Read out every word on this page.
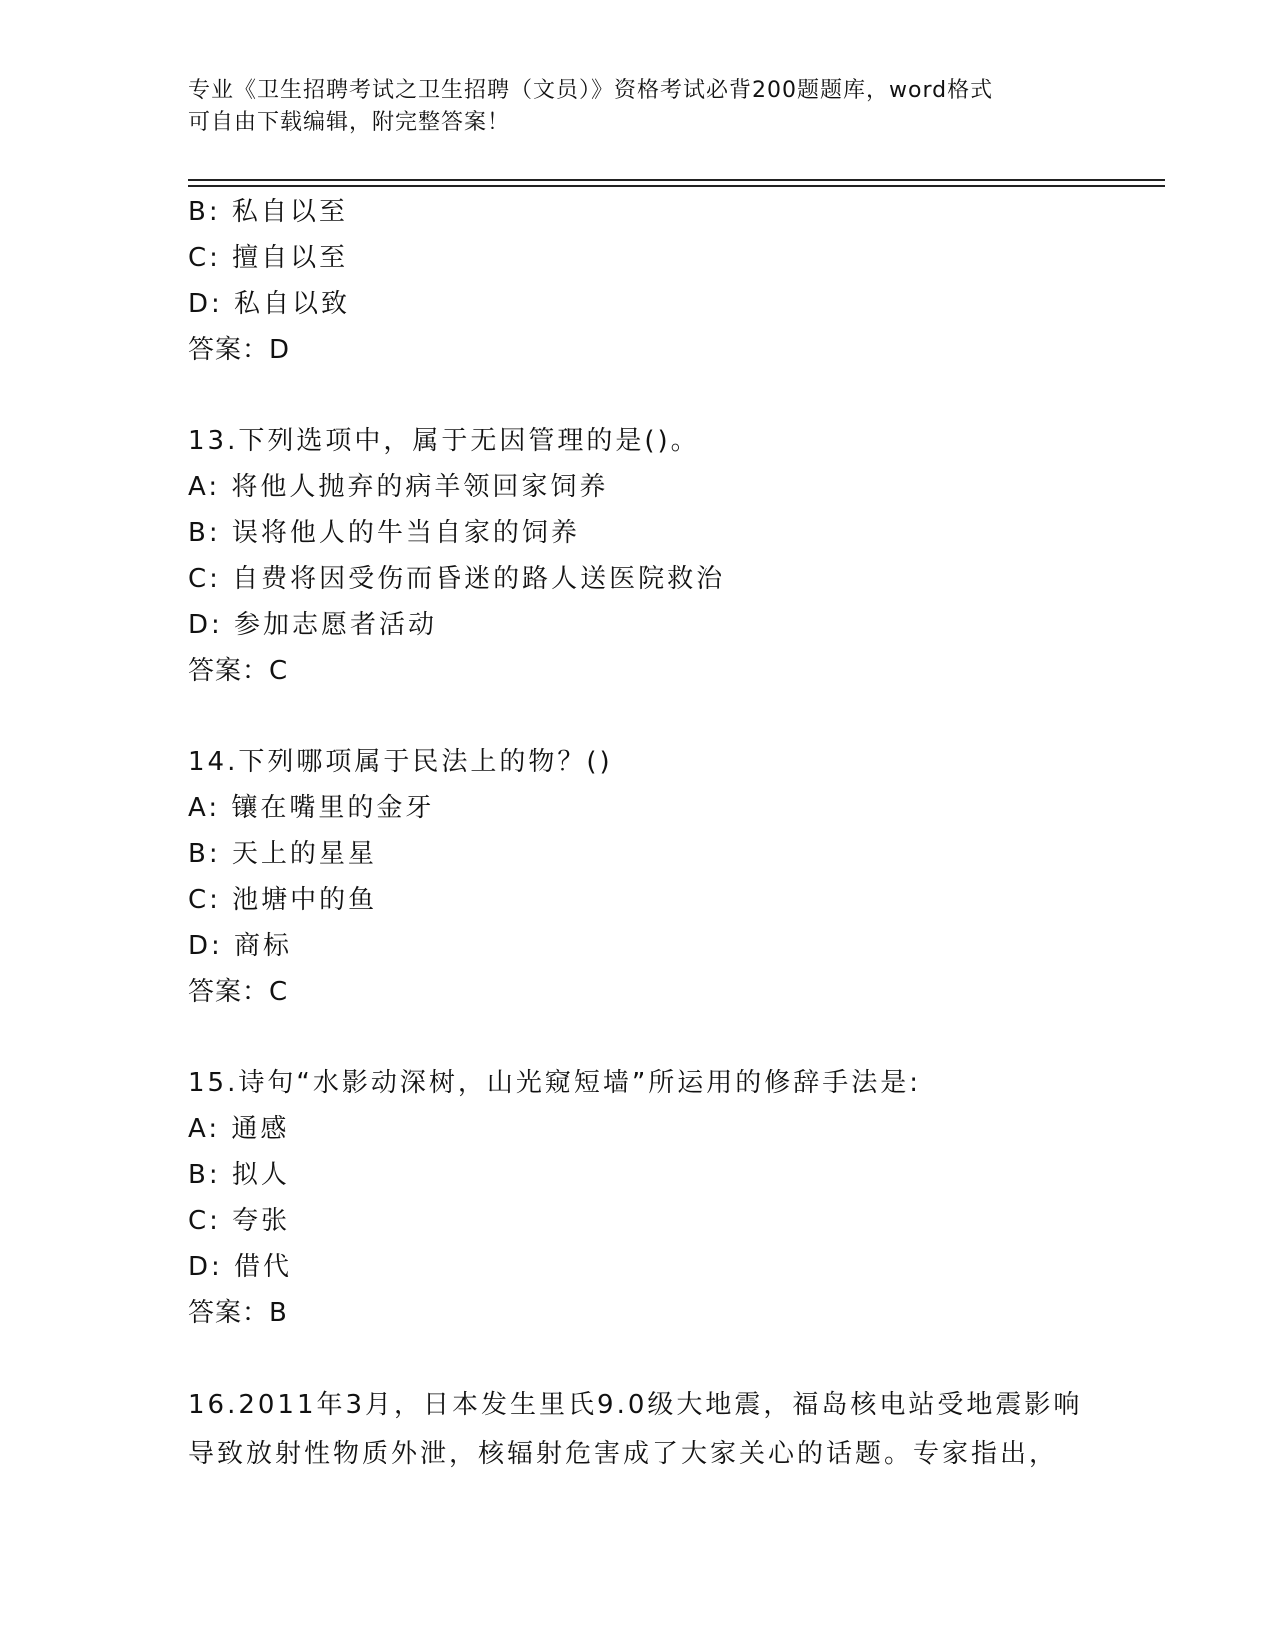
专业《卫生招聘考试之卫生招聘（文员）》资格考试必背200题题库，word格式
可自由下载编辑，附完整答案！
B: 私自以至
C: 擅自以至
D: 私自以致
答案：D
13.下列选项中，属于无因管理的是()。
A: 将他人抛弃的病羊领回家饲养
B: 误将他人的牛当自家的饲养
C: 自费将因受伤而昏迷的路人送医院救治
D: 参加志愿者活动
答案：C
14.下列哪项属于民法上的物？()
A: 镶在嘴里的金牙
B: 天上的星星
C: 池塘中的鱼
D: 商标
答案：C
15.诗句“水影动深树，山光窥短墙”所运用的修辞手法是:
A: 通感
B: 拟人
C: 夸张
D: 借代
答案：B
16.2011年3月，日本发生里氏9.0级大地震，福岛核电站受地震影响
导致放射性物质外泄，核辐射危害成了大家关心的话题。专家指出，
